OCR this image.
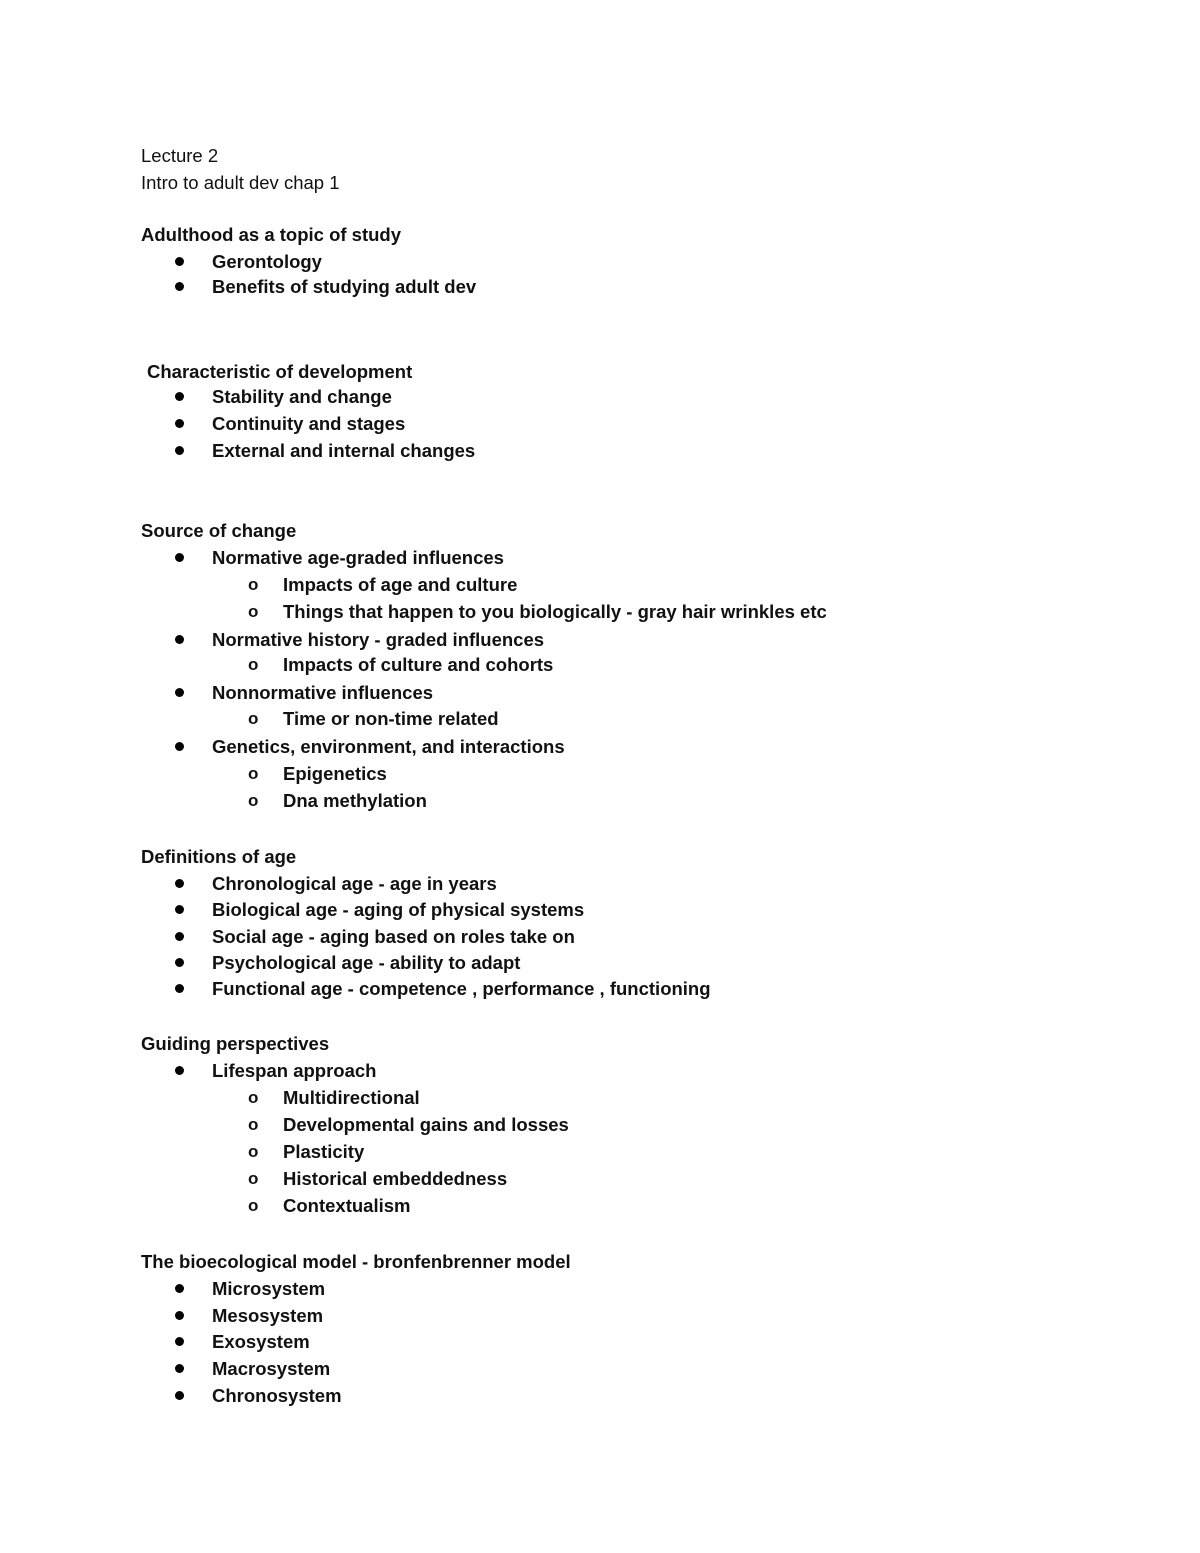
Lecture 2
Intro to adult dev chap 1
Adulthood as a topic of study
Gerontology
Benefits of studying adult dev
Characteristic of development
Stability and change
Continuity and stages
External and internal changes
Source of change
Normative age-graded influences
o Impacts of age and culture
o Things that happen to you biologically - gray hair wrinkles etc
Normative history - graded influences
o Impacts of culture and cohorts
Nonnormative influences
o Time or non-time related
Genetics, environment, and interactions
o Epigenetics
o Dna methylation
Definitions of age
Chronological age - age in years
Biological age - aging of physical systems
Social age - aging based on roles take on
Psychological age - ability to adapt
Functional age - competence , performance , functioning
Guiding perspectives
Lifespan approach
o Multidirectional
o Developmental gains and losses
o Plasticity
o Historical embeddedness
o Contextualism
The bioecological model - bronfenbrenner model
Microsystem
Mesosystem
Exosystem
Macrosystem
Chronosystem
